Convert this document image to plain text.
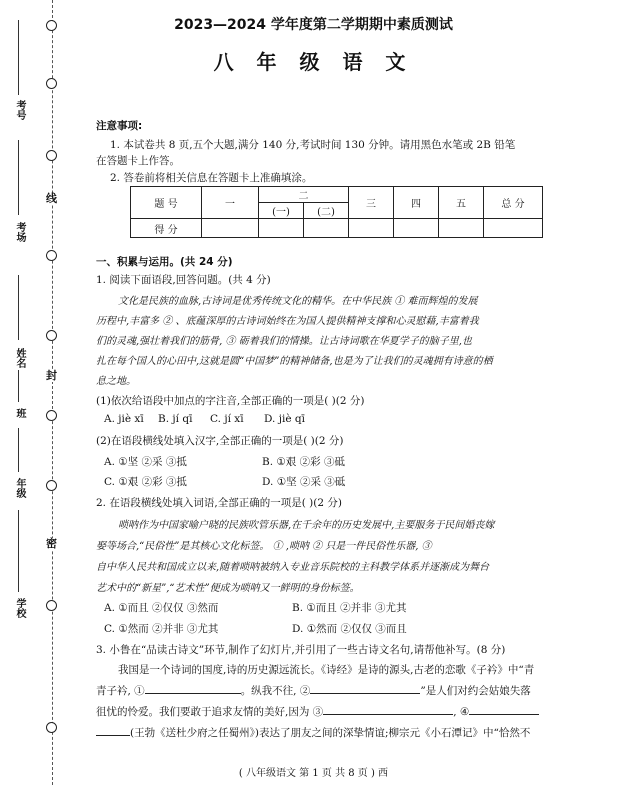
线
封
密
考号
考场
姓名
班
年级
学校
2023—2024 学年度第二学期期中素质测试
八 年 级 语 文
注意事项:
1. 本试卷共 8 页,五个大题,满分 140 分,考试时间 130 分钟。请用黑色水笔或 2B 铅笔
在答题卡上作答。
2. 答卷前将相关信息在答题卡上准确填涂。
题 号	一	二		三	四	五	总 分
		(一)	(二)				
得 分							
一、积累与运用。(共 24 分)
1. 阅读下面语段,回答问题。(共 4 分)
文化是民族的血脉,古诗词是优秀传统文化的精华。在中华民族 ① 难而辉煌的发展
历程中,丰富多 ② 、底蕴深厚的古诗词始终在为国人提供精神支撑和心灵慰藉,丰富着我
们的灵魂,强壮着我们的筋骨, ③ 砺着我们的情操。让古诗词歌在华夏学子的脑子里,也
扎在每个国人的心田中,这就是圆“中国梦”的精神储备,也是为了让我们的灵魂拥有诗意的栖
息之地。
(1)依次给语段中加点的字注音,全部正确的一项是( )(2 分)
A. jiè xī B. jí qī C. jí xī D. jiè qī
(2)在语段横线处填入汉字,全部正确的一项是( )(2 分)
A. ①坚 ②采 ③抵	B. ①艰 ②彩 ③砥
C. ①艰 ②彩 ③抵	D. ①坚 ②采 ③砥
2. 在语段横线处填入词语,全部正确的一项是( )(2 分)
唢呐作为中国家喻户晓的民族吹管乐器,在千余年的历史发展中,主要服务于民间婚丧嫁
娶等场合,“民俗性”是其核心文化标签。 ① ,唢呐 ② 只是一件民俗性乐器, ③
自中华人民共和国成立以来,随着唢呐被纳入专业音乐院校的主科教学体系并逐渐成为舞台
艺术中的“新星”,“艺术性”便成为唢呐又一鲜明的身份标签。
A. ①而且 ②仅仅 ③然而	B. ①而且 ②并非 ③尤其
C. ①然而 ②并非 ③尤其	D. ①然而 ②仅仅 ③而且
3. 小鲁在“品读古诗文”环节,制作了幻灯片,并引用了一些古诗文名句,请帮他补写。(8 分)
我国是一个诗词的国度,诗的历史源远流长。《诗经》是诗的源头,古老的恋歌《子衿》中“青
青子衿, ①	。纵我不往, ②	”是人们对约会姑娘失落
徂忧的怜爱。我们要敢于追求友情的美好,因为 ③	, ④
(王勃《送杜少府之任蜀州》)表达了朋友之间的深挚情谊;柳宗元《小石潭记》中“恰然不
( 八年级语文 第 1 页 共 8 页 ) 西
